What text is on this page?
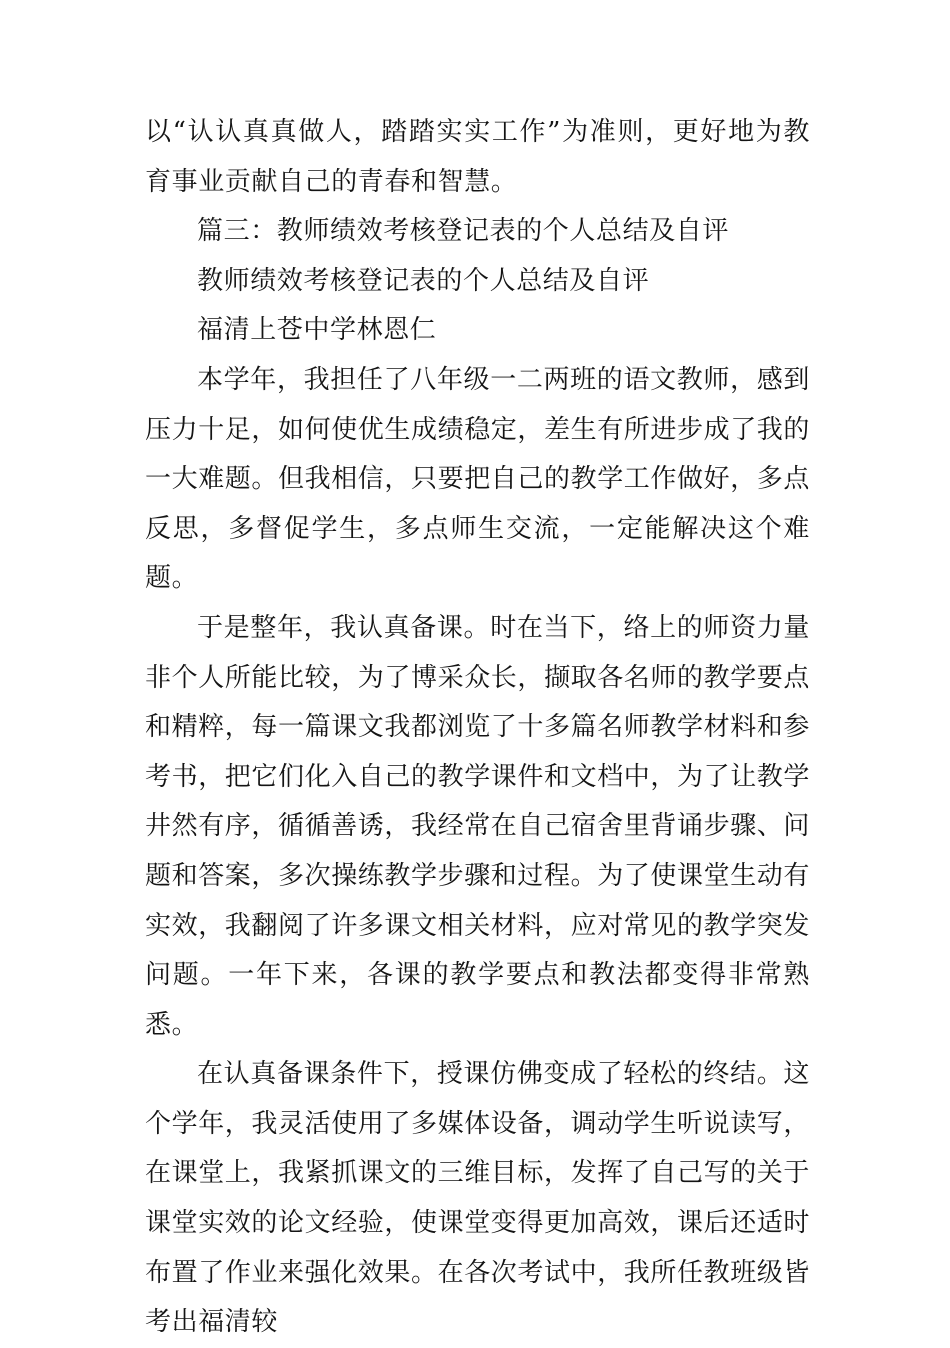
以“认认真真做人，踏踏实实工作”为准则，更好地为教育事业贡献自己的青春和智慧。

篇三：教师绩效考核登记表的个人总结及自评

教师绩效考核登记表的个人总结及自评

福清上苍中学林恩仁

本学年，我担任了八年级一二两班的语文教师，感到压力十足，如何使优生成绩稳定，差生有所进步成了我的一大难题。但我相信，只要把自己的教学工作做好，多点反思，多督促学生，多点师生交流，一定能解决这个难题。

于是整年，我认真备课。时在当下，络上的师资力量非个人所能比较，为了博采众长，撷取各名师的教学要点和精粹，每一篇课文我都浏览了十多篇名师教学材料和参考书，把它们化入自己的教学课件和文档中，为了让教学井然有序，循循善诱，我经常在自己宿舍里背诵步骤、问题和答案，多次操练教学步骤和过程。为了使课堂生动有实效，我翻阅了许多课文相关材料，应对常见的教学突发问题。一年下来，各课的教学要点和教法都变得非常熟悉。

在认真备课条件下，授课仿佛变成了轻松的终结。这个学年，我灵活使用了多媒体设备，调动学生听说读写，在课堂上，我紧抓课文的三维目标，发挥了自己写的关于课堂实效的论文经验，使课堂变得更加高效，课后还适时布置了作业来强化效果。在各次考试中，我所任教班级皆考出福清较
